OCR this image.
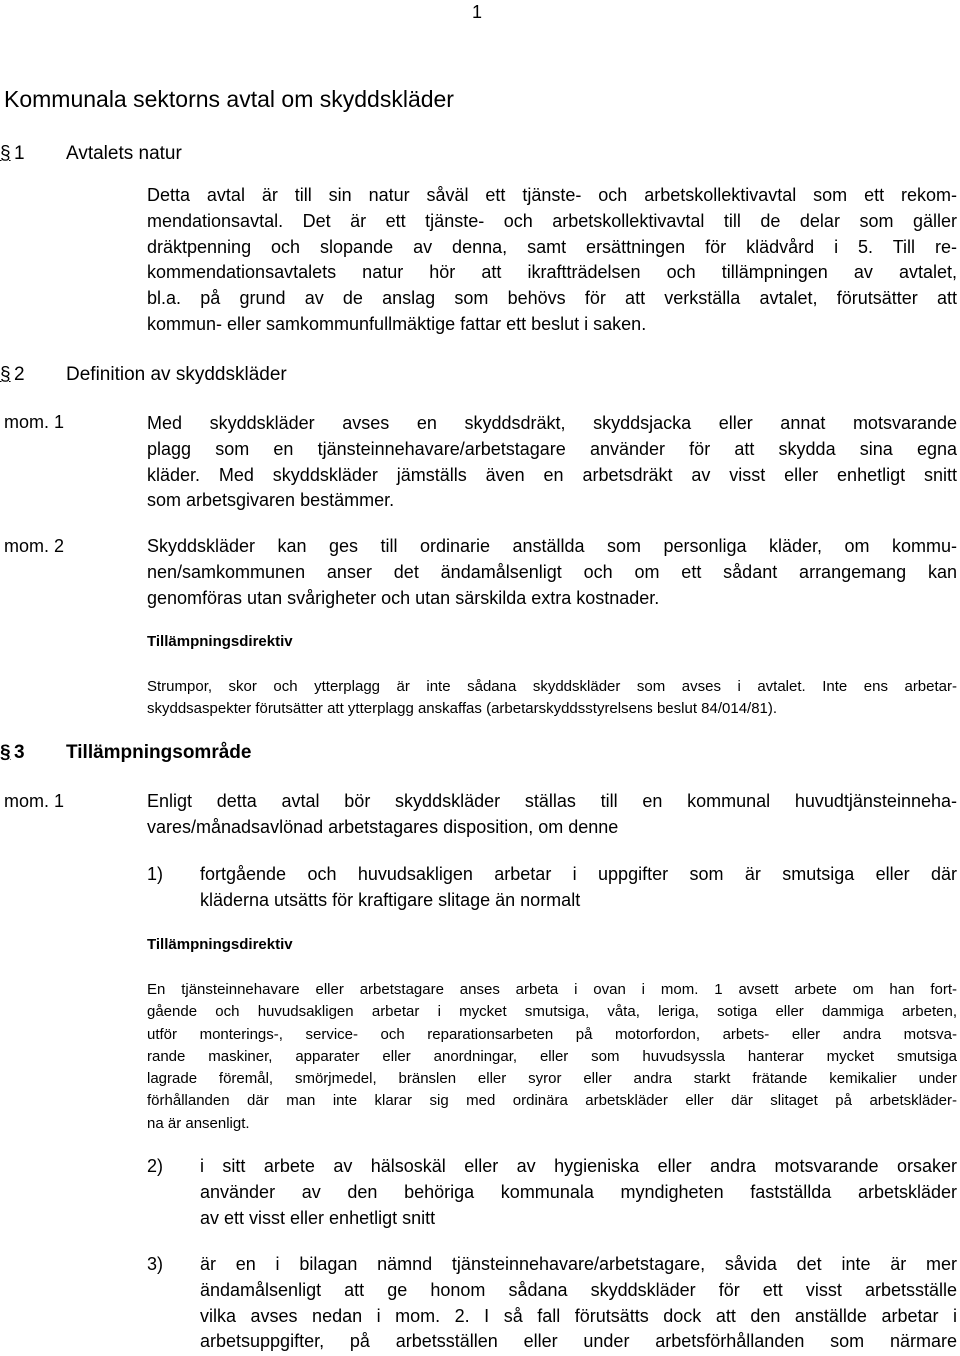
1
Kommunala sektorns avtal om skyddskläder
§ 1 Avtalets natur
Detta avtal är till sin natur såväl ett tjänste- och arbetskollektivavtal som ett rekom-
mendationsavtal. Det är ett tjänste- och arbetskollektivavtal till de delar som gäller
dräktpenning och slopande av denna, samt ersättningen för klädvård i 5. Till re-
kommendationsavtalets natur hör att ikraftträdelsen och tillämpningen av avtalet,
bl.a. på grund av de anslag som behövs för att verkställa avtalet, förutsätter att
kommun- eller samkommunfullmäktige fattar ett beslut i saken.
§ 2 Definition av skyddskläder
mom. 1	Med skyddskläder avses en skyddsdräkt, skyddsjacka eller annat motsvarande
plagg som en tjänsteinnehavare/arbetstagare använder för att skydda sina egna
kläder. Med skyddskläder jämställs även en arbetsdräkt av visst eller enhetligt snitt
som arbetsgivaren bestämmer.
mom. 2	Skyddskläder kan ges till ordinarie anställda som personliga kläder, om kommu-
nen/samkommunen anser det ändamålsenligt och om ett sådant arrangemang kan
genomföras utan svårigheter och utan särskilda extra kostnader.
Tillämpningsdirektiv
Strumpor, skor och ytterplagg är inte sådana skyddskläder som avses i avtalet. Inte ens arbetar-
skyddsaspekter förutsätter att ytterplagg anskaffas (arbetarskyddsstyrelsens beslut 84/014/81).
§ 3 Tillämpningsområde
mom. 1	Enligt detta avtal bör skyddskläder ställas till en kommunal huvudtjänsteinneha-
vares/månadsavlönad arbetstagares disposition, om denne
1) fortgående och huvudsakligen arbetar i uppgifter som är smutsiga eller där
kläderna utsätts för kraftigare slitage än normalt
Tillämpningsdirektiv
En tjänsteinnehavare eller arbetstagare anses arbeta i ovan i mom. 1 avsett arbete om han fort-
gående och huvudsakligen arbetar i mycket smutsiga, våta, leriga, sotiga eller dammiga arbeten,
utför monterings-, service- och reparationsarbeten på motorfordon, arbets- eller andra motsva-
rande maskiner, apparater eller anordningar, eller som huvudsyssla hanterar mycket smutsiga
lagrade föremål, smörjmedel, bränslen eller syror eller andra starkt frätande kemikalier under
förhållanden där man inte klarar sig med ordinära arbetskläder eller där slitaget på arbetskläder-
na är ansenligt.
2) i sitt arbete av hälsoskäl eller av hygieniska eller andra motsvarande orsaker
använder av den behöriga kommunala myndigheten fastställda arbetskläder
av ett visst eller enhetligt snitt
3) är en i bilagan nämnd tjänsteinnehavare/arbetstagare, såvida det inte är mer
ändamålsenligt att ge honom sådana skyddskläder för ett visst arbetsställe
vilka avses nedan i mom. 2. I så fall förutsätts dock att den anställde arbetar i
arbetsuppgifter, på arbetsställen eller under arbetsförhållanden som närmare
